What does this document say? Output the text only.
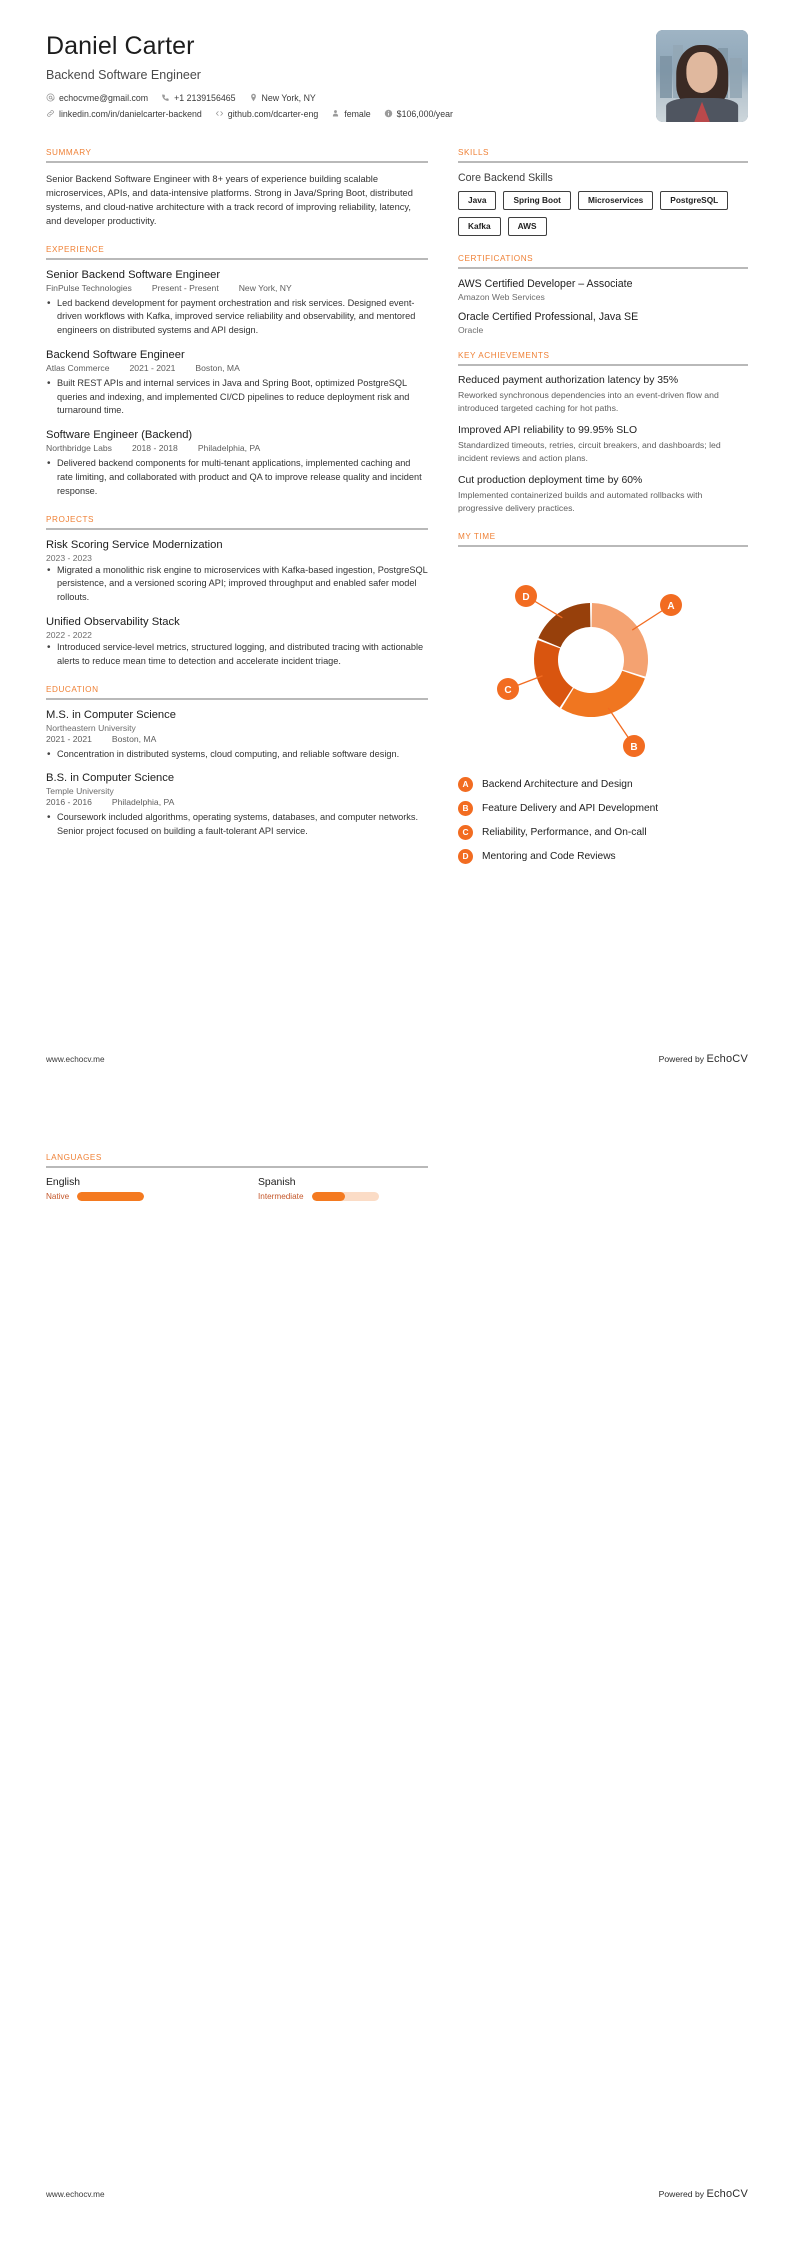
Daniel Carter
Backend Software Engineer
echocvme@gmail.com	+1 2139156465	New York, NY
linkedin.com/in/danielcarter-backend	github.com/dcarter-eng	female	$106,000/year
SUMMARY
Senior Backend Software Engineer with 8+ years of experience building scalable microservices, APIs, and data-intensive platforms. Strong in Java/Spring Boot, distributed systems, and cloud-native architecture with a track record of improving reliability, latency, and developer productivity.
EXPERIENCE
Senior Backend Software Engineer
FinPulse Technologies Present - Present New York, NY
• Led backend development for payment orchestration and risk services. Designed event-driven workflows with Kafka, improved service reliability and observability, and mentored engineers on distributed systems and API design.
Backend Software Engineer
Atlas Commerce 2021 - 2021 Boston, MA
• Built REST APIs and internal services in Java and Spring Boot, optimized PostgreSQL queries and indexing, and implemented CI/CD pipelines to reduce deployment risk and turnaround time.
Software Engineer (Backend)
Northbridge Labs 2018 - 2018 Philadelphia, PA
• Delivered backend components for multi-tenant applications, implemented caching and rate limiting, and collaborated with product and QA to improve release quality and incident response.
PROJECTS
Risk Scoring Service Modernization
2023 - 2023
• Migrated a monolithic risk engine to microservices with Kafka-based ingestion, PostgreSQL persistence, and a versioned scoring API; improved throughput and enabled safer model rollouts.
Unified Observability Stack
2022 - 2022
• Introduced service-level metrics, structured logging, and distributed tracing with actionable alerts to reduce mean time to detection and accelerate incident triage.
EDUCATION
M.S. in Computer Science
Northeastern University
2021 - 2021 Boston, MA
• Concentration in distributed systems, cloud computing, and reliable software design.
B.S. in Computer Science
Temple University
2016 - 2016 Philadelphia, PA
• Coursework included algorithms, operating systems, databases, and computer networks. Senior project focused on building a fault-tolerant API service.
SKILLS
Core Backend Skills
Java	Spring Boot	Microservices	PostgreSQL
Kafka	AWS
CERTIFICATIONS
AWS Certified Developer – Associate
Amazon Web Services
Oracle Certified Professional, Java SE
Oracle
KEY ACHIEVEMENTS
Reduced payment authorization latency by 35%
Reworked synchronous dependencies into an event-driven flow and introduced targeted caching for hot paths.
Improved API reliability to 99.95% SLO
Standardized timeouts, retries, circuit breakers, and dashboards; led incident reviews and action plans.
Cut production deployment time by 60%
Implemented containerized builds and automated rollbacks with progressive delivery practices.
MY TIME
A
B
C
D
A	Backend Architecture and Design
B	Feature Delivery and API Development
C	Reliability, Performance, and On-call
D	Mentoring and Code Reviews
www.echocv.me	Powered by EchoCV
LANGUAGES
English
Native
Spanish
Intermediate
www.echocv.me	Powered by EchoCV
